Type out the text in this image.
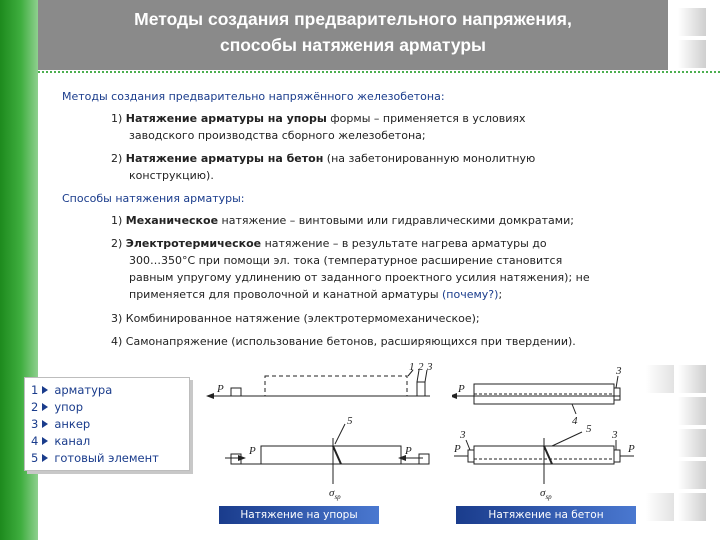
Методы создания предварительного напряжения,
способы натяжения арматуры
Методы создания предварительно напряжённого железобетона:
1) Натяжение арматуры на упоры формы – применяется в условиях
заводского производства сборного железобетона;
2) Натяжение арматуры на бетон (на забетонированную монолитную
конструкцию).
Способы натяжения арматуры:
1) Механическое натяжение – винтовыми или гидравлическими домкратами;
2) Электротермическое натяжение – в результате нагрева арматуры до
300…350°С при помощи эл. тока (температурное расширение становится
равным упругому удлинению от заданного проектного усилия натяжения); не
применяется для проволочной и канатной арматуры (почему?);
3) Комбинированное натяжение (электротермомеханическое);
4) Самонапряжение (использование бетонов, расширяющихся при твердении).
1 арматура
2 упор
3 анкер
4 канал
5 готовый элемент
P
1 2 3
P	P
5
$\sigma_{sp}$
P
3
4
3	3
5
P	P
$\sigma_{sp}$
Натяжение на упоры	Натяжение на бетон
